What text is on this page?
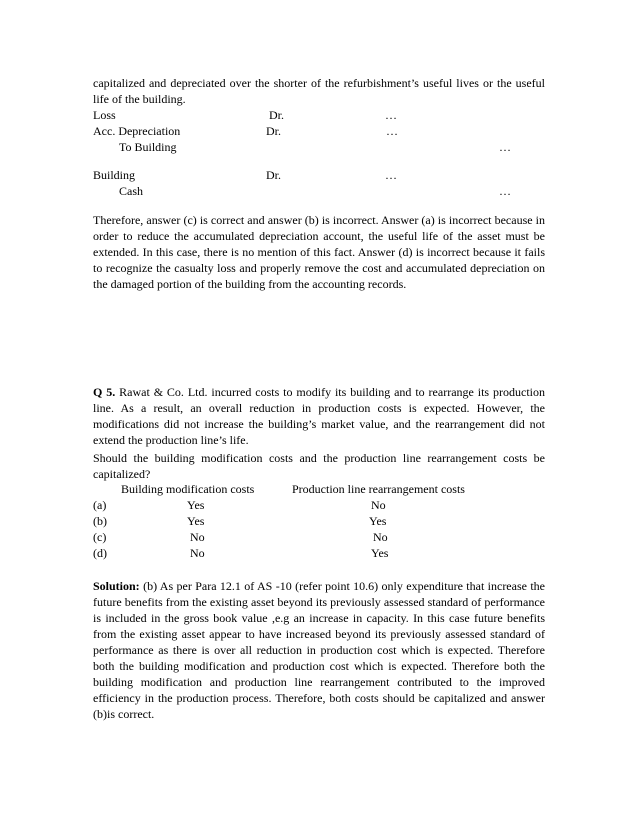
capitalized and depreciated over the shorter of the refurbishment’s useful lives or the useful life of the building.
Loss	Dr.	…
Acc. Depreciation	Dr.	…
To Building	…
Building	Dr.	…
Cash	…
Therefore, answer (c) is correct and answer (b) is incorrect. Answer (a) is incorrect because in order to reduce the accumulated depreciation account, the useful life of the asset must be extended. In this case, there is no mention of this fact. Answer (d) is incorrect because it fails to recognize the casualty loss and properly remove the cost and accumulated depreciation on the damaged portion of the building from the accounting records.
Q 5. Rawat & Co. Ltd. incurred costs to modify its building and to rearrange its production line. As a result, an overall reduction in production costs is expected. However, the modifications did not increase the building’s market value, and the rearrangement did not extend the production line’s life.
Should the building modification costs and the production line rearrangement costs be capitalized?
Building modification costs	Production line rearrangement costs
(a)	Yes	No
(b)	Yes	Yes
(c)	No	No
(d)	No	Yes
Solution: (b) As per Para 12.1 of AS -10 (refer point 10.6) only expenditure that increase the future benefits from the existing asset beyond its previously assessed standard of performance is included in the gross book value ,e.g an increase in capacity. In this case future benefits from the existing asset appear to have increased beyond its previously assessed standard of performance as there is over all reduction in production cost which is expected. Therefore both the building modification and production cost which is expected. Therefore both the building modification and production line rearrangement contributed to the improved efficiency in the production process. Therefore, both costs should be capitalized and answer (b)is correct.
